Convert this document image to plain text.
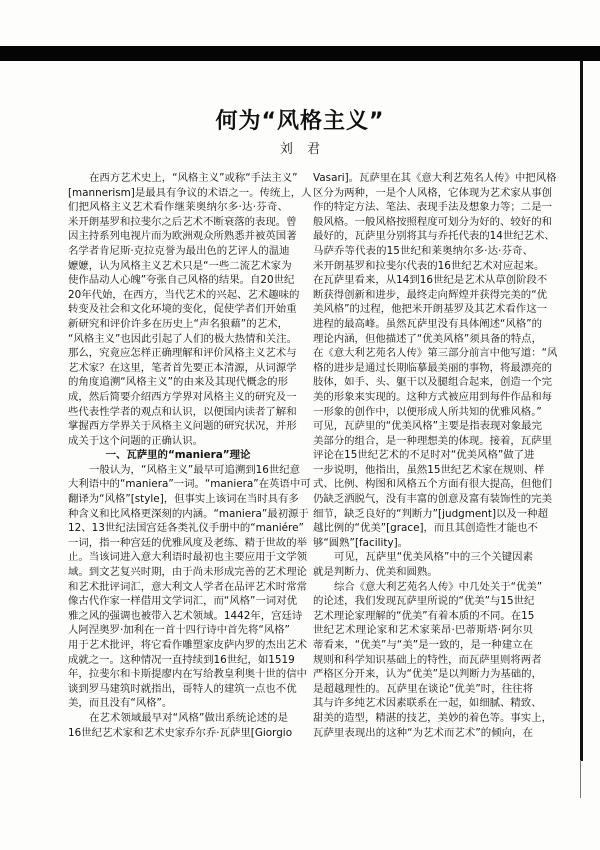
何为“风格主义”
刘 君
在西方艺术史上，“风格主义”或称“手法主义”
[mannerism]是最具有争议的术语之一。传统上，人
们把风格主义艺术看作继莱奥纳尔多·达·芬奇、
米开朗基罗和拉斐尔之后艺术不断衰落的表现。曾
因主持系列电视片而为欧洲观众所熟悉并被英国著
名学者肯尼斯·克拉克誉为最出色的艺评人的温迪
嬷嬷，认为风格主义艺术只是“一些二流艺术家为
使作品动人心魄”夸张自己风格的结果。自20世纪
20年代始，在西方，当代艺术的兴起、艺术趣味的
转变及社会和文化环境的变化，促使学者们开始重
新研究和评价许多在历史上“声名狼藉”的艺术，
“风格主义”也因此引起了人们的极大热情和关注。
那么，究竟应怎样正确理解和评价风格主义艺术与
艺术家？在这里，笔者首先要正本清源，从词源学
的角度追溯“风格主义”的由来及其现代概念的形
成，然后简要介绍西方学界对风格主义的研究及一
些代表性学者的观点和认识，以便国内读者了解和
掌握西方学界关于风格主义问题的研究状况，并形
成关于这个问题的正确认识。
一、瓦萨里的“maniera”理论
一般认为，“风格主义”最早可追溯到16世纪意
大利语中的“maniera”一词。“maniera”在英语中可
翻译为“风格”[style]，但事实上该词在当时具有多
种含义和比风格更深刻的内涵。“maniera”最初源于
12、13世纪法国宫廷各类礼仪手册中的“maniére”
一词，指一种宫廷的优雅风度及老练、精于世故的举
止。当该词进入意大利语时最初也主要应用于文学领
域。到文艺复兴时期，由于尚未形成完善的艺术理论
和艺术批评词汇，意大利文人学者在品评艺术时常常
像古代作家一样借用文学词汇，而“风格”一词对优
雅之风的强调也被带入艺术领域。1442年，宫廷诗
人阿涅奥罗·加利在一首十四行诗中首先将“风格”
用于艺术批评，将它看作雕塑家皮萨内罗的杰出艺术
成就之一。这种情况一直持续到16世纪，如1519
年，拉斐尔和卡斯提廖内在写给教皇利奥十世的信中
谈到罗马建筑时就指出，哥特人的建筑一点也不优
美，而且没有“风格”。
在艺术领域最早对“风格”做出系统论述的是
16世纪艺术家和艺术史家乔尔乔·瓦萨里[Giorgio
Vasari]。瓦萨里在其《意大利艺苑名人传》中把风格
区分为两种，一是个人风格，它体现为艺术家从事创
作的特定方法、笔法、表现手法及想象力等；二是一
般风格。一般风格按照程度可划分为好的、较好的和
最好的，瓦萨里分别将其与乔托代表的14世纪艺术、
马萨乔等代表的15世纪和莱奥纳尔多·达·芬奇、
米开朗基罗和拉斐尔代表的16世纪艺术对应起来。
在瓦萨里看来，从14到16世纪是艺术从草创阶段不
断获得创新和进步，最终走向辉煌并获得完美的“优
美风格”的过程，他把米开朗基罗及其艺术看作这一
进程的最高峰。虽然瓦萨里没有具体阐述“风格”的
理论内涵，但他描述了“优美风格”须具备的特点，
在《意大利艺苑名人传》第三部分前言中他写道：“风
格的进步是通过长期临摹最美丽的事物，将最漂亮的
肢体，如手、头、躯干以及腿组合起来，创造一个完
美的形象来实现的。这种方式被应用到每件作品和每
一形象的创作中，以便形成人所共知的优雅风格。”
可见，瓦萨里的“优美风格”主要是指表现对象最完
美部分的组合，是一种理想美的体现。接着，瓦萨里
评论在15世纪艺术的不足时对“优美风格”做了进
一步说明，他指出，虽然15世纪艺术家在规则、样
式、比例、构图和风格五个方面有很大提高，但他们
仍缺乏洒脱气，没有丰富的创意及富有装饰性的完美
细节，缺乏良好的“判断力”[judgment]以及一种超
越比例的“优美”[grace]，而且其创造性才能也不
够“圆熟”[facility]。
可见，瓦萨里“优美风格”中的三个关键因素
就是判断力、优美和圆熟。
综合《意大利艺苑名人传》中几处关于“优美”
的论述，我们发现瓦萨里所说的“优美”与15世纪
艺术理论家理解的“优美”有着本质的不同。在15
世纪艺术理论家和艺术家莱昂·巴蒂斯塔·阿尔贝
蒂看来，“优美”与“美”是一致的，是一种建立在
规则和科学知识基础上的特性，而瓦萨里则将两者
严格区分开来，认为“优美”是以判断力为基础的，
是超越理性的。瓦萨里在谈论“优美”时，往往将
其与许多纯艺术因素联系在一起，如细腻、精致、
甜美的造型，精湛的技艺，美妙的着色等。事实上，
瓦萨里表现出的这种“为艺术而艺术”的倾向，在
